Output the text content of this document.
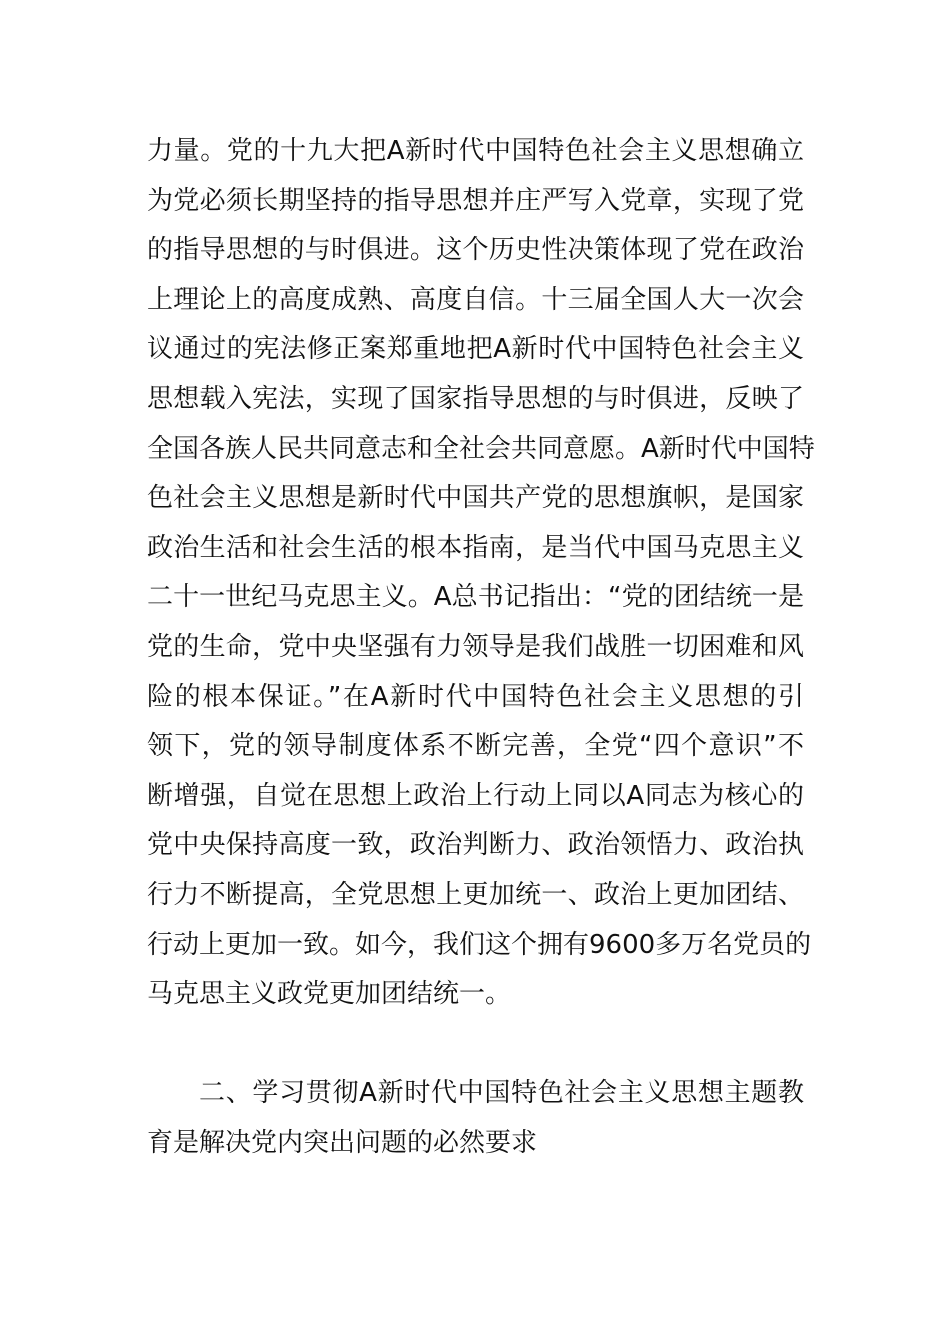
力量。党的十九大把A新时代中国特色社会主义思想确立
为党必须长期坚持的指导思想并庄严写入党章，实现了党
的指导思想的与时俱进。这个历史性决策体现了党在政治
上理论上的高度成熟、高度自信。十三届全国人大一次会
议通过的宪法修正案郑重地把A新时代中国特色社会主义
思想载入宪法，实现了国家指导思想的与时俱进，反映了
全国各族人民共同意志和全社会共同意愿。A新时代中国特
色社会主义思想是新时代中国共产党的思想旗帜，是国家
政治生活和社会生活的根本指南，是当代中国马克思主义
二十一世纪马克思主义。A总书记指出：“党的团结统一是
党的生命，党中央坚强有力领导是我们战胜一切困难和风
险的根本保证。”在A新时代中国特色社会主义思想的引
领下，党的领导制度体系不断完善，全党“四个意识”不
断增强，自觉在思想上政治上行动上同以A同志为核心的
党中央保持高度一致，政治判断力、政治领悟力、政治执
行力不断提高，全党思想上更加统一、政治上更加团结、
行动上更加一致。如今，我们这个拥有9600多万名党员的
马克思主义政党更加团结统一。
二、学习贯彻A新时代中国特色社会主义思想主题教
育是解决党内突出问题的必然要求
